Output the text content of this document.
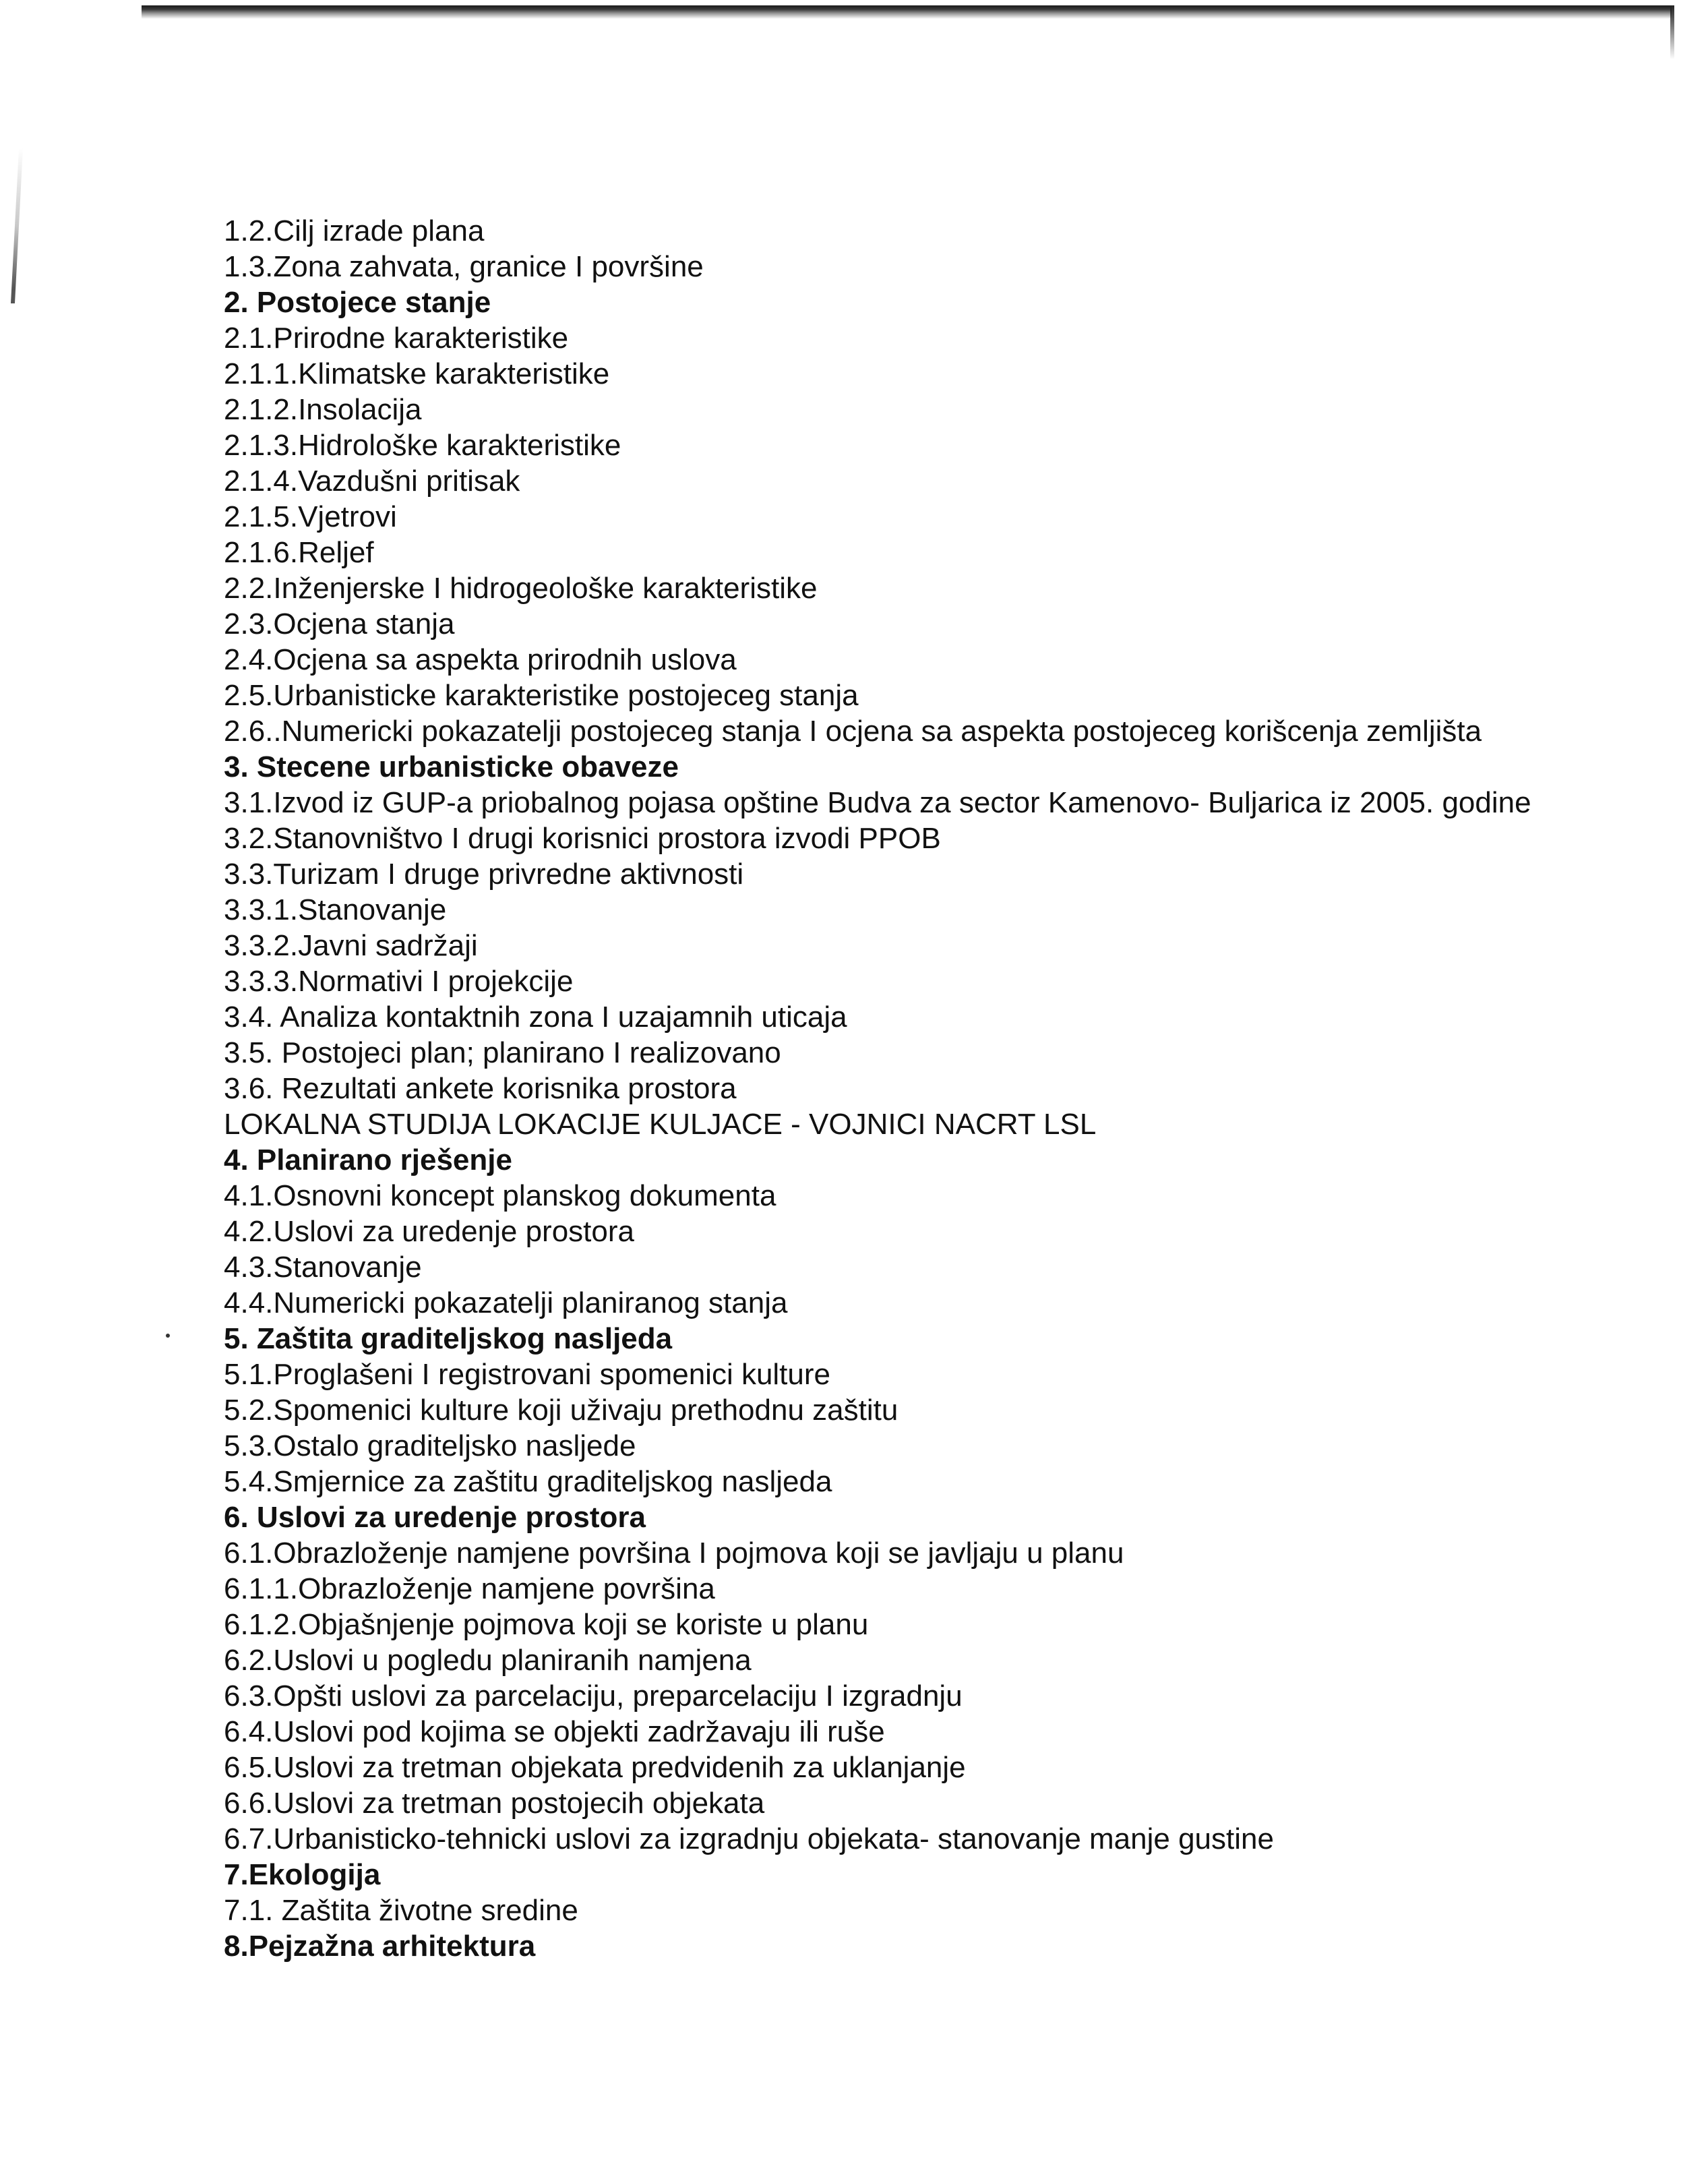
1.2.Cilj izrade plana
1.3.Zona zahvata, granice I površine
2. Postojece stanje
2.1.Prirodne karakteristike
2.1.1.Klimatske karakteristike
2.1.2.Insolacija
2.1.3.Hidrološke karakteristike
2.1.4.Vazdušni pritisak
2.1.5.Vjetrovi
2.1.6.Reljef
2.2.Inženjerske I hidrogeološke karakteristike
2.3.Ocjena stanja
2.4.Ocjena sa aspekta prirodnih uslova
2.5.Urbanisticke karakteristike postojeceg stanja
2.6..Numericki pokazatelji postojeceg stanja I ocjena sa aspekta postojeceg korišcenja zemljišta
3. Stecene urbanisticke obaveze
3.1.Izvod iz GUP-a priobalnog pojasa opštine Budva za sector Kamenovo- Buljarica iz 2005. godine
3.2.Stanovništvo I drugi korisnici prostora izvodi PPOB
3.3.Turizam I druge privredne aktivnosti
3.3.1.Stanovanje
3.3.2.Javni sadržaji
3.3.3.Normativi I projekcije
3.4. Analiza kontaktnih zona I uzajamnih uticaja
3.5. Postojeci plan; planirano I realizovano
3.6. Rezultati ankete korisnika prostora
LOKALNA STUDIJA LOKACIJE KULJACE - VOJNICI NACRT LSL
4. Planirano rješenje
4.1.Osnovni koncept planskog dokumenta
4.2.Uslovi za uredenje prostora
4.3.Stanovanje
4.4.Numericki pokazatelji planiranog stanja
5. Zaštita graditeljskog nasljeda
5.1.Proglašeni I registrovani spomenici kulture
5.2.Spomenici kulture koji uživaju prethodnu zaštitu
5.3.Ostalo graditeljsko nasljede
5.4.Smjernice za zaštitu graditeljskog nasljeda
6. Uslovi za uredenje prostora
6.1.Obrazloženje namjene površina I pojmova koji se javljaju u planu
6.1.1.Obrazloženje namjene površina
6.1.2.Objašnjenje pojmova koji se koriste u planu
6.2.Uslovi u pogledu planiranih namjena
6.3.Opšti uslovi za parcelaciju, preparcelaciju I izgradnju
6.4.Uslovi pod kojima se objekti zadržavaju ili ruše
6.5.Uslovi za tretman objekata predvidenih za uklanjanje
6.6.Uslovi za tretman postojecih objekata
6.7.Urbanisticko-tehnicki uslovi za izgradnju objekata- stanovanje manje gustine
7.Ekologija
7.1. Zaštita životne sredine
8.Pejzažna arhitektura
